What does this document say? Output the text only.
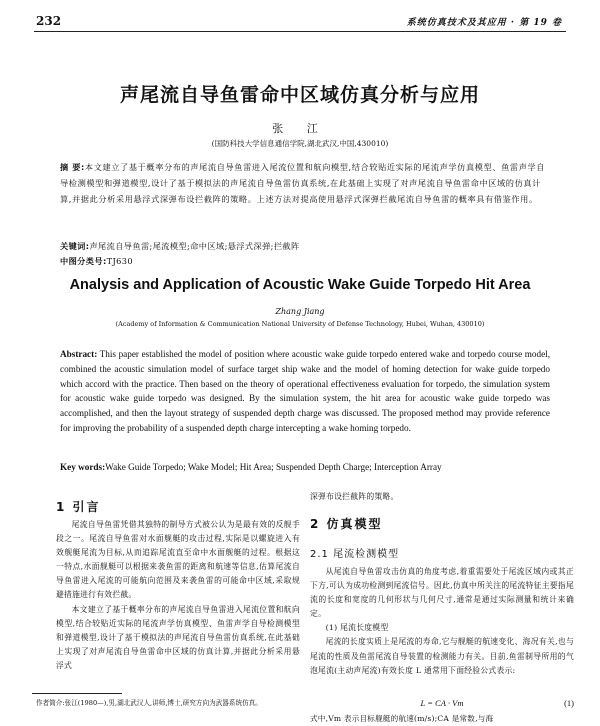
232	系统仿真技术及其应用 · 第 19 卷
声尾流自导鱼雷命中区域仿真分析与应用
张 江
(国防科技大学信息通信学院,湖北武汉,中国,430010)
摘 要:本文建立了基于概率分布的声尾流自导鱼雷进入尾流位置和航向模型,结合较贴近实际的尾流声学仿真模型、鱼雷声学自导检测模型和弹道模型,设计了基于模拟法的声尾流自导鱼雷仿真系统,在此基础上实现了对声尾流自导鱼雷命中区域的仿真计算,并据此分析采用悬浮式深弹布设拦截阵的策略。上述方法对提高使用悬浮式深弹拦截尾流自导鱼雷的概率具有借鉴作用。
关键词:声尾流自导鱼雷;尾流模型;命中区域;悬浮式深弹;拦截阵
中图分类号:TJ630
Analysis and Application of Acoustic Wake Guide Torpedo Hit Area
Zhang Jiang
(Academy of Information & Communication National University of Defense Technology, Hubei, Wuhan, 430010)
Abstract: This paper established the model of position where acoustic wake guide torpedo entered wake and torpedo course model, combined the acoustic simulation model of surface target ship wake and the model of homing detection for wake guide torpedo which accord with the practice. Then based on the theory of operational effectiveness evaluation for torpedo, the simulation system for acoustic wake guide torpedo was designed. By the simulation system, the hit area for acoustic wake guide torpedo was accomplished, and then the layout strategy of suspended depth charge was discussed. The proposed method may provide reference for improving the probability of a suspended depth charge intercepting a wake homing torpedo.
Key words:Wake Guide Torpedo; Wake Model; Hit Area; Suspended Depth Charge; Interception Array
1 引言

尾流自导鱼雷凭借其独特的制导方式被公认为是最有效的反舰手段之一。尾流自导鱼雷对水面舰艇的攻击过程,实际是以螺旋进入有效舰艇尾流为目标,从而追踪尾流直至命中水面舰艇的过程。根据这一特点,水面舰艇可以根据来袭鱼雷的距离和航速等信息,估算尾流自导鱼雷进入尾流的可能航向范围及来袭鱼雷的可能命中区域,采取规避措施进行有效拦截。

本文建立了基于概率分布的声尾流自导鱼雷进入尾流位置和航向模型,结合较贴近实际的尾流声学仿真模型、鱼雷声学自导检测模型和弹道模型,设计了基于模拟法的声尾流自导鱼雷仿真系统,在此基础上实现了对声尾流自导鱼雷命中区域的仿真计算,并据此分析采用悬浮式

深弹布设拦截阵的策略。
2 仿真模型
2.1 尾流检测模型

从尾流自导鱼雷攻击仿真的角度考虑,着重需要处于尾流区域内或其正下方,可认为成功检测到尾流信号。因此,仿真中所关注的尾流特征主要指尾流的长度和宽度的几何形状与几何尺寸,通常是通过实际测量和统计来确定。

(1) 尾流长度模型

尾流的长度实质上是尾流的寿命,它与舰艇的航速变化、海况有关,也与尾流的性质及鱼雷尾流自导装置的检测能力有关。目前,鱼雷制导所用的气泡尾流(主动声尾流)有效长度 L 通常用下面经验公式表示:

L = CA · Vm	(1)
式中,Vm 表示目标舰艇的航速(m/s);CA 是常数,与海
作者简介:张江(1980—),男,湖北武汉人,讲师,博士,研究方向为武器系统仿真。
